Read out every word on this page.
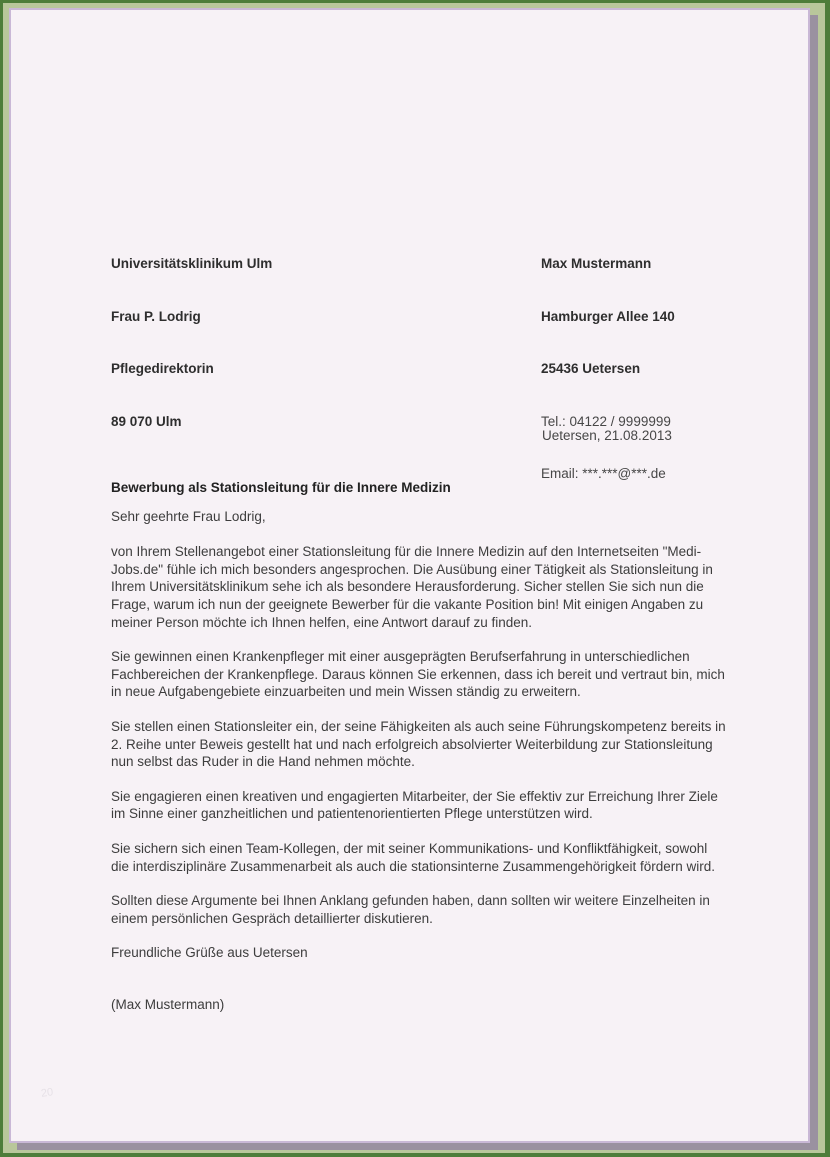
Universitätsklinikum Ulm

Frau P. Lodrig

Pflegedirektorin

89 070 Ulm

Max Mustermann

Hamburger Allee 140

25436 Uetersen

Tel.: 04122 / 9999999

Email: ***.***@***.de

Uetersen, 21.08.2013
Bewerbung als Stationsleitung für die Innere Medizin
Sehr geehrte Frau Lodrig,

von Ihrem Stellenangebot einer Stationsleitung für die Innere Medizin auf den Internetseiten "Medi-Jobs.de" fühle ich mich besonders angesprochen. Die Ausübung einer Tätigkeit als Stationsleitung in Ihrem Universitätsklinikum sehe ich als besondere Herausforderung. Sicher stellen Sie sich nun die Frage, warum ich nun der geeignete Bewerber für die vakante Position bin! Mit einigen Angaben zu meiner Person möchte ich Ihnen helfen, eine Antwort darauf zu finden.

Sie gewinnen einen Krankenpfleger mit einer ausgeprägten Berufserfahrung in unterschiedlichen Fachbereichen der Krankenpflege. Daraus können Sie erkennen, dass ich bereit und vertraut bin, mich in neue Aufgabengebiete einzuarbeiten und mein Wissen ständig zu erweitern.

Sie stellen einen Stationsleiter ein, der seine Fähigkeiten als auch seine Führungskompetenz bereits in 2. Reihe unter Beweis gestellt hat und nach erfolgreich absolvierter Weiterbildung zur Stationsleitung nun selbst das Ruder in die Hand nehmen möchte.

Sie engagieren einen kreativen und engagierten Mitarbeiter, der Sie effektiv zur Erreichung Ihrer Ziele im Sinne einer ganzheitlichen und patientenorientierten Pflege unterstützen wird.

Sie sichern sich einen Team-Kollegen, der mit seiner Kommunikations- und Konfliktfähigkeit, sowohl die interdisziplinäre Zusammenarbeit als auch die stationsinterne Zusammengehörigkeit fördern wird.

Sollten diese Argumente bei Ihnen Anklang gefunden haben, dann sollten wir weitere Einzelheiten in einem persönlichen Gespräch detaillierter diskutieren.

Freundliche Grüße aus Uetersen
(Max Mustermann)
20
